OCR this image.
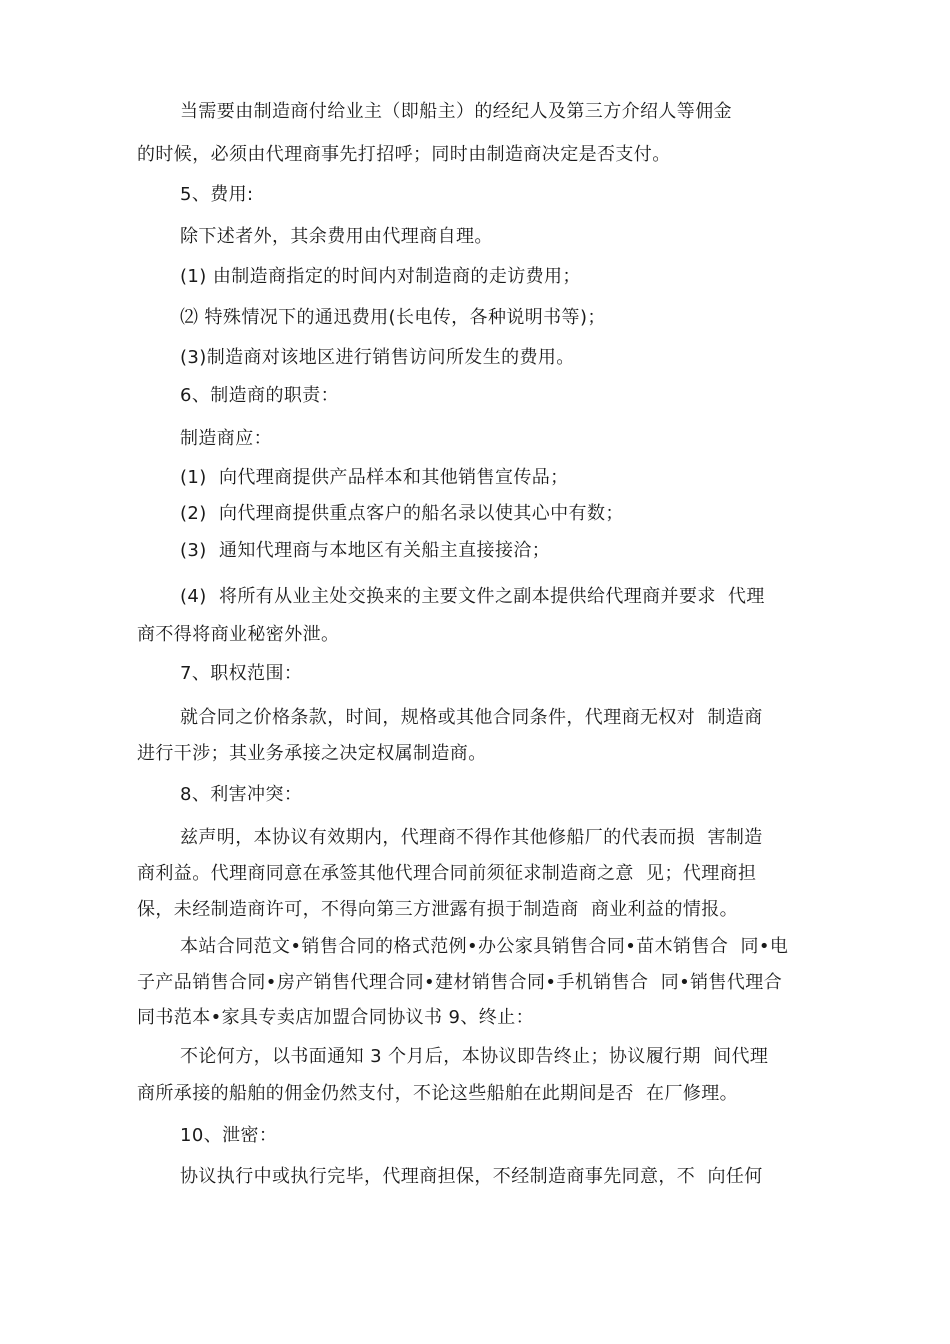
当需要由制造商付给业主（即船主）的经纪人及第三方介绍人等佣金
的时候，必须由代理商事先打招呼；同时由制造商决定是否支付。
5、费用:
除下述者外，其余费用由代理商自理。
(1) 由制造商指定的时间内对制造商的走访费用；
⑵ 特殊情况下的通迅费用(长电传，各种说明书等)；
(3)制造商对该地区进行销售访问所发生的费用。
6、制造商的职责：
制造商应：
(1)  向代理商提供产品样本和其他销售宣传品；
(2)  向代理商提供重点客户的船名录以使其心中有数；
(3)  通知代理商与本地区有关船主直接接洽；
(4)  将所有从业主处交换来的主要文件之副本提供给代理商并要求  代理
商不得将商业秘密外泄。
7、职权范围：
就合同之价格条款，时间，规格或其他合同条件，代理商无权对  制造商
进行干涉；其业务承接之决定权属制造商。
8、利害冲突：
兹声明，本协议有效期内，代理商不得作其他修船厂的代表而损  害制造
商利益。代理商同意在承签其他代理合同前须征求制造商之意  见；代理商担
保，未经制造商许可，不得向第三方泄露有损于制造商  商业利益的情报。
本站合同范文•销售合同的格式范例•办公家具销售合同•苗木销售合  同•电
子产品销售合同•房产销售代理合同•建材销售合同•手机销售合  同•销售代理合
同书范本•家具专卖店加盟合同协议书 9、终止：
不论何方，以书面通知 3 个月后，本协议即告终止；协议履行期  间代理
商所承接的船舶的佣金仍然支付，不论这些船舶在此期间是否  在厂修理。
10、泄密：
协议执行中或执行完毕，代理商担保，不经制造商事先同意，不  向任何
